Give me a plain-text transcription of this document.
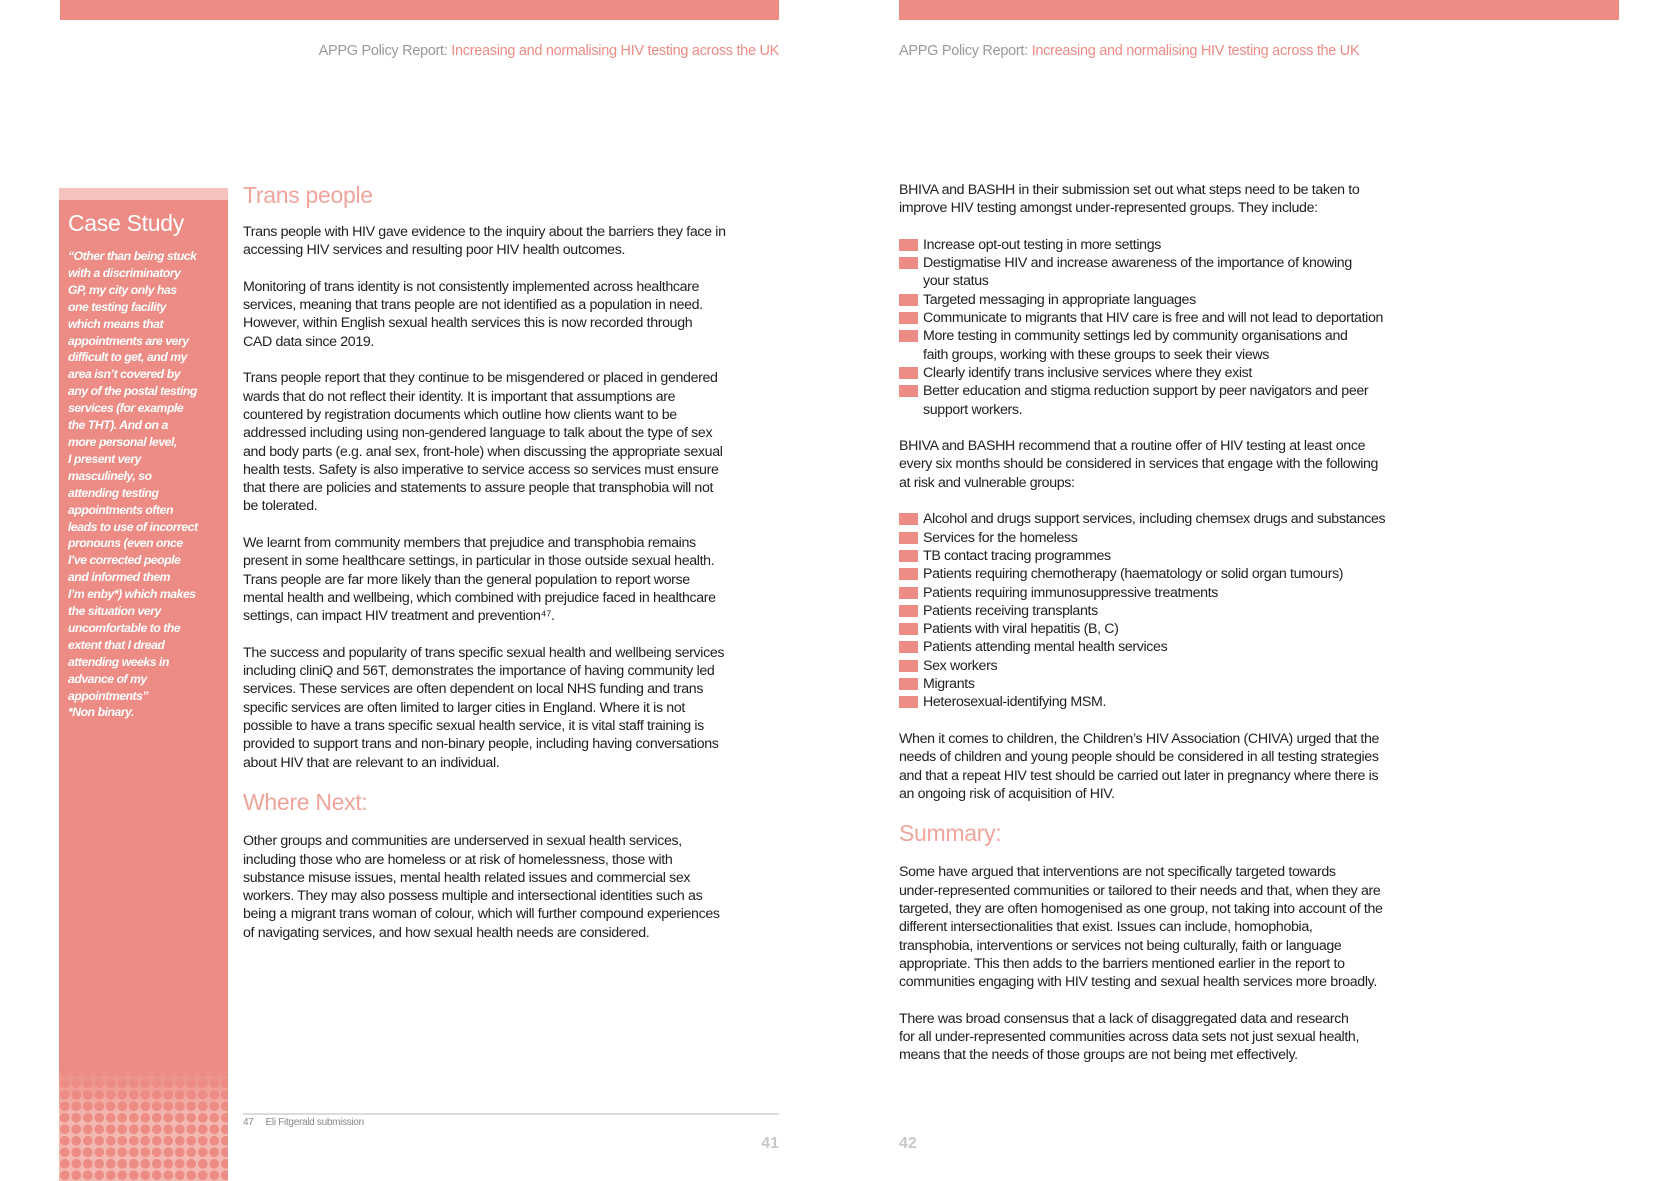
APPG Policy Report: Increasing and normalising HIV testing across the UK
Case Study
“Other than being stuck
with a discriminatory
GP, my city only has
one testing facility
which means that
appointments are very
difficult to get, and my
area isn’t covered by
any of the postal testing
services (for example
the THT). And on a
more personal level,
I present very
masculinely, so
attending testing
appointments often
leads to use of incorrect
pronouns (even once
I’ve corrected people
and informed them
I’m enby*) which makes
the situation very
uncomfortable to the
extent that I dread
attending weeks in
advance of my
appointments”
*Non binary.
Trans people

Trans people with HIV gave evidence to the inquiry about the barriers they face in
accessing HIV services and resulting poor HIV health outcomes.

Monitoring of trans identity is not consistently implemented across healthcare
services, meaning that trans people are not identified as a population in need.
However, within English sexual health services this is now recorded through
CAD data since 2019.

Trans people report that they continue to be misgendered or placed in gendered
wards that do not reflect their identity. It is important that assumptions are
countered by registration documents which outline how clients want to be
addressed including using non-gendered language to talk about the type of sex
and body parts (e.g. anal sex, front-hole) when discussing the appropriate sexual
health tests. Safety is also imperative to service access so services must ensure
that there are policies and statements to assure people that transphobia will not
be tolerated.

We learnt from community members that prejudice and transphobia remains
present in some healthcare settings, in particular in those outside sexual health.
Trans people are far more likely than the general population to report worse
mental health and wellbeing, which combined with prejudice faced in healthcare
settings, can impact HIV treatment and prevention⁴⁷.

The success and popularity of trans specific sexual health and wellbeing services
including cliniQ and 56T, demonstrates the importance of having community led
services. These services are often dependent on local NHS funding and trans
specific services are often limited to larger cities in England. Where it is not
possible to have a trans specific sexual health service, it is vital staff training is
provided to support trans and non-binary people, including having conversations
about HIV that are relevant to an individual.

Where Next:

Other groups and communities are underserved in sexual health services,
including those who are homeless or at risk of homelessness, those with
substance misuse issues, mental health related issues and commercial sex
workers. They may also possess multiple and intersectional identities such as
being a migrant trans woman of colour, which will further compound experiences
of navigating services, and how sexual health needs are considered.

47 Eli Fitgerald submission
41
APPG Policy Report: Increasing and normalising HIV testing across the UK

BHIVA and BASHH in their submission set out what steps need to be taken to
improve HIV testing amongst under-represented groups. They include:

Increase opt-out testing in more settings
Destigmatise HIV and increase awareness of the importance of knowing
your status
Targeted messaging in appropriate languages
Communicate to migrants that HIV care is free and will not lead to deportation
More testing in community settings led by community organisations and
faith groups, working with these groups to seek their views
Clearly identify trans inclusive services where they exist
Better education and stigma reduction support by peer navigators and peer
support workers.

BHIVA and BASHH recommend that a routine offer of HIV testing at least once
every six months should be considered in services that engage with the following
at risk and vulnerable groups:

Alcohol and drugs support services, including chemsex drugs and substances
Services for the homeless
TB contact tracing programmes
Patients requiring chemotherapy (haematology or solid organ tumours)
Patients requiring immunosuppressive treatments
Patients receiving transplants
Patients with viral hepatitis (B, C)
Patients attending mental health services
Sex workers
Migrants
Heterosexual-identifying MSM.

When it comes to children, the Children’s HIV Association (CHIVA) urged that the
needs of children and young people should be considered in all testing strategies
and that a repeat HIV test should be carried out later in pregnancy where there is
an ongoing risk of acquisition of HIV.

Summary:

Some have argued that interventions are not specifically targeted towards
under-represented communities or tailored to their needs and that, when they are
targeted, they are often homogenised as one group, not taking into account of the
different intersectionalities that exist. Issues can include, homophobia,
transphobia, interventions or services not being culturally, faith or language
appropriate. This then adds to the barriers mentioned earlier in the report to
communities engaging with HIV testing and sexual health services more broadly.

There was broad consensus that a lack of disaggregated data and research
for all under-represented communities across data sets not just sexual health,
means that the needs of those groups are not being met effectively.

42
